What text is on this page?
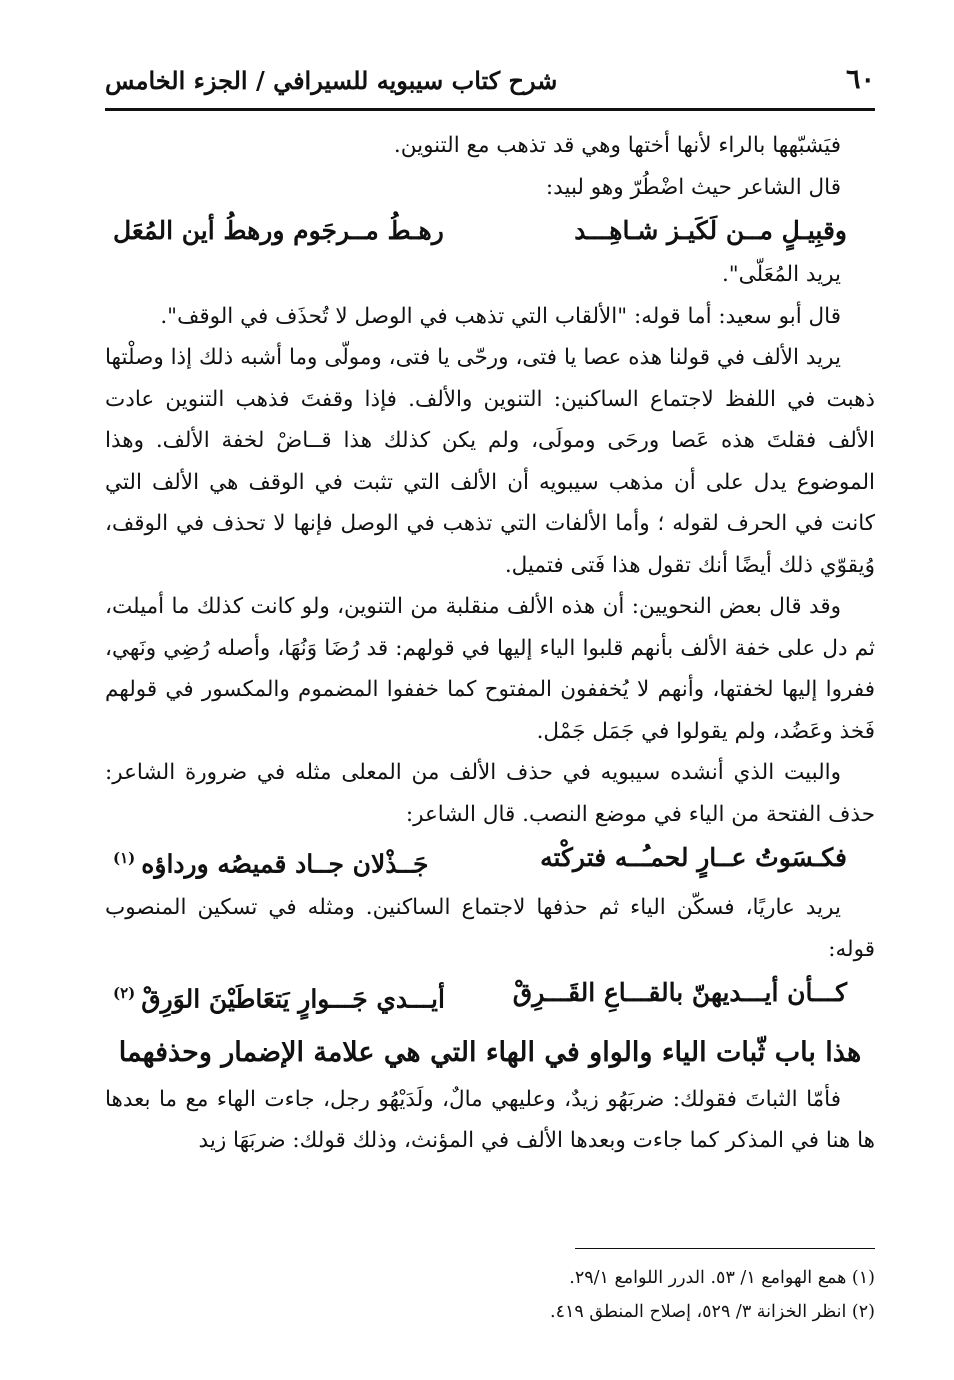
٦٠
شرح كتاب سيبويه للسيرافي / الجزء الخامس

فيَشبّهها بالراء لأنها أختها وهي قد تذهب مع التنوين.

قال الشاعر حيث اضْطُرّ وهو لبيد:

وقبِيـلٍ مــن لَكَيـز شـاهِـــد
رهـطُ مــرجَوم ورهطُ أين المُعَل

يريد المُعَلّى".

قال أبو سعيد: أما قوله: "الألقاب التي تذهب في الوصل لا تُحذَف في الوقف".

يريد الألف في قولنا هذه عصا يا فتى، ورحّى يا فتى، ومولّى وما أشبه ذلك إذا وصلْتها ذهبت في اللفظ لاجتماع الساكنين: التنوين والألف. فإذا وقفتَ فذهب التنوين عادت الألف فقلتَ هذه عَصا ورحَى ومولَى، ولم يكن كذلك هذا قــاضْ لخفة الألف. وهذا الموضوع يدل على أن مذهب سيبويه أن الألف التي تثبت في الوقف هي الألف التي كانت في الحرف لقوله ؛ وأما الألفات التي تذهب في الوصل فإنها لا تحذف في الوقف، وُيقوّي ذلك أيضًا أنك تقول هذا فَتى فتميل.

وقد قال بعض النحويين: أن هذه الألف منقلبة من التنوين، ولو كانت كذلك ما أميلت، ثم دل على خفة الألف بأنهم قلبوا الياء إليها في قولهم: قد رُضَا وَنُهَا، وأصله رُضِي ونَهي، ففروا إليها لخفتها، وأنهم لا يُخففون المفتوح كما خففوا المضموم والمكسور في قولهم فَخذ وعَضُد، ولم يقولوا في جَمَل جَمْل.

والبيت الذي أنشده سيبويه في حذف الألف من المعلى مثله في ضرورة الشاعر: حذف الفتحة من الياء في موضع النصب. قال الشاعر:

فكـسَوتُ عــارٍ لحمـُــه فتركْته
جَــذْلان جــاد قميصُه ورداؤه$^{(١)}$

يريد عاريًا، فسكّن الياء ثم حذفها لاجتماع الساكنين. ومثله في تسكين المنصوب قوله:

كـــأن أيـــديهنّ بالقـــاعِ القَـــرِقْ
أيـــدي جَـــوارٍ يَتعَاطَيْنَ الوَرِقْ$^{(٢)}$
هذا باب ثّبات الياء والواو في الهاء التي هي علامة الإضمار وحذفهما

فأمّا الثباتَ فقولك: ضربَهُو زيدٌ، وعليهي مالٌ، ولَدَيْهُو رجل، جاءت الهاء مع ما بعدها ها هنا في المذكر كما جاءت وبعدها الألف في المؤنث، وذلك قولك: ضربَهَا زيد

(١) همع الهوامع ١/ ٥٣. الدرر اللوامع ٢٩/١.

(٢) انظر الخزانة ٣/ ٥٢٩، إصلاح المنطق ٤١٩.
